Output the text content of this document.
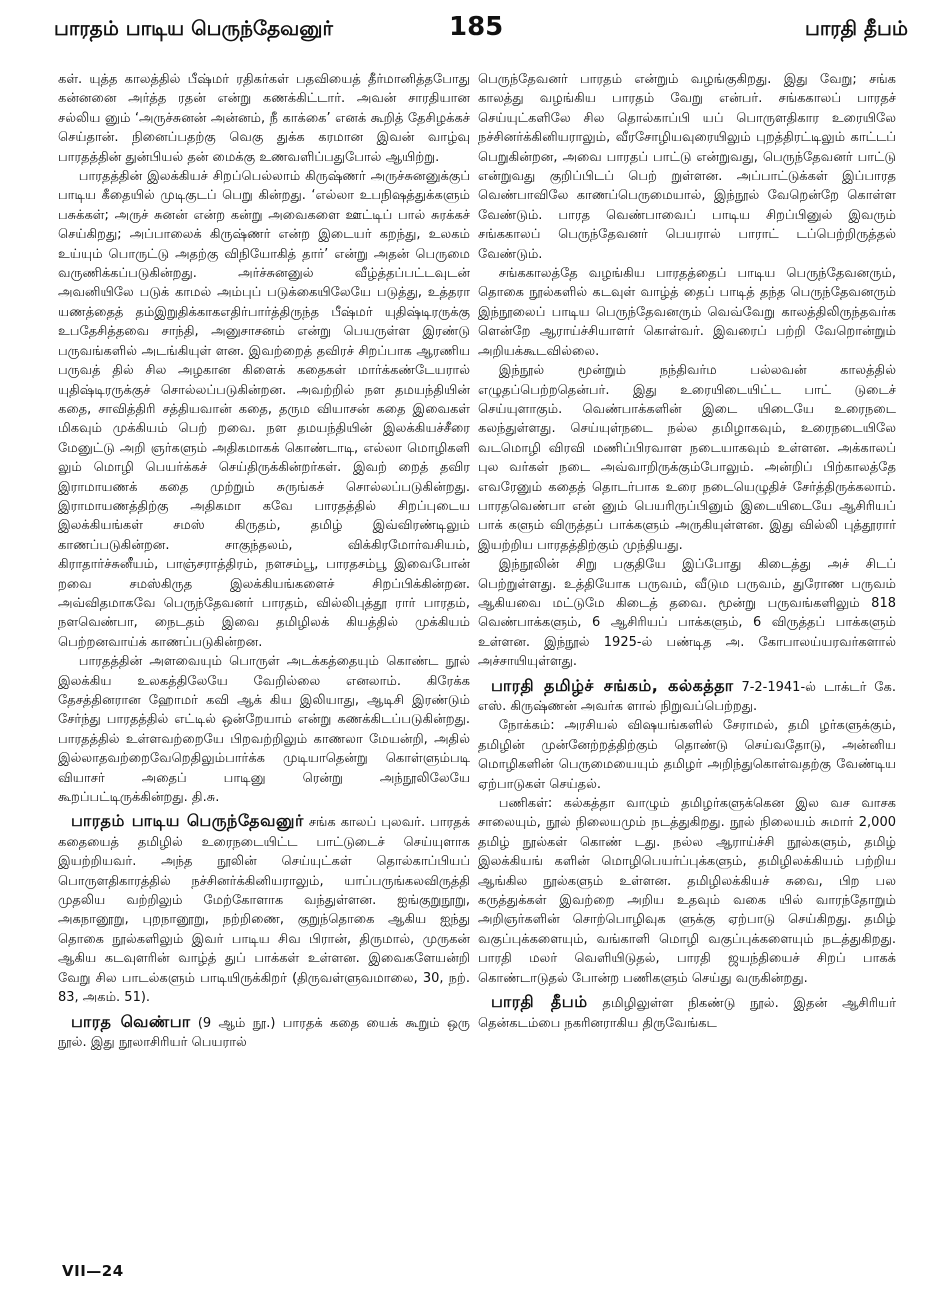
பாரதம் பாடிய பெருந்தேவனுர்	185	பாரதி தீபம்

கள். யுத்த காலத்தில் பீஷ்மர் ரதிகர்கள் பதவியைத் தீர்மானித்தபோது கன்னனை அர்த்த ரதன் என்று கணக்கிட்டார். அவன் சாரதியான சல்லிய னும் ‘அருச்சுனன் அன்னம், நீ காக்கை’ எனக் கூறித் தேசிழக்கச் செய்தான். நினைப்பதற்கு வெகு துக்க கரமான இவன் வாழ்வு பாரதத்தின் துன்பியல் தன் மைக்கு உணவளிப்பதுபோல் ஆயிற்று.

பாரதத்தின் இலக்கியச் சிறப்பெல்லாம் கிருஷ்ணர் அருச்சுனனுக்குப் பாடிய கீதையில் முடிகுடப் பெறு கின்றது. ‘எல்லா உபநிஷத்துக்களும் பசுக்கள்; அருச் சுனன் என்ற கன்று அவைகளை ஊட்டிப் பால் சுரக்கச் செய்கிறது; அப்பாலைக் கிருஷ்ணர் என்ற இடையர் கறந்து, உலகம் உய்யும் பொருட்டு அதற்கு விநியோகித் தார்’ என்று அதன் பெருமை வருணிக்கப்படுகின்றது. அர்ச்சுனனுல் வீழ்த்தப்பட்டவுடன் அவனியிலே படுக் காமல் அம்புப் படுக்கையிலேயே படுத்து, உத்தரா யணத்தைத் தம்இறுதிக்காகஎதிர்பார்த்திருந்த பீஷ்மர் யுதிஷ்டிரருக்கு உபதேசித்தவை சாந்தி, அனுசாசனம் என்று பெயருள்ள இரண்டு பருவங்களில் அடங்கியுள் ளன. இவற்றைத் தவிரச் சிறப்பாக ஆரணிய பருவத் தில் சில அழகான கிளைக் கதைகள் மார்க்கண்டேயரால் யுதிஷ்டிரருக்குச் சொல்லப்படுகின்றன. அவற்றில் நள தமயந்தியின் கதை, சாவித்திரி சத்தியவான் கதை, தரும வியாசன் கதை இவைகள் மிகவும் முக்கியம் பெற் றவை. நள தமயந்தியின் இலக்கியச்சீரை மேனுட்டு அறி ஞர்களும் அதிகமாகக் கொண்டாடி, எல்லா மொழிகளி லும் மொழி பெயர்க்கச் செய்திருக்கின்றர்கள். இவற் றைத் தவிர இராமாயணக் கதை முற்றும் சுருங்கச் சொல்லப்படுகின்றது. இராமாயணத்திற்கு அதிகமா கவே பாரதத்தில் சிறப்புடைய இலக்கியங்கள் சமஸ் கிருதம், தமிழ் இவ்விரண்டிலும் காணப்படுகின்றன. சாகுந்தலம், விக்கிரமோர்வசியம், கிராதார்ச்சுனீயம், பாஞ்சராத்திரம், நளசம்பூ, பாரதசம்பூ இவைபோன் றவை சமஸ்கிருத இலக்கியங்களைச் சிறப்பிக்கின்றன. அவ்விதமாகவே பெருந்தேவனர் பாரதம், வில்லிபுத்தூ ரார் பாரதம், நளவெண்பா, நைடதம் இவை தமிழிலக் கியத்தில் முக்கியம் பெற்றனவாய்க் காணப்படுகின்றன.

பாரதத்தின் அளவையும் பொருள் அடக்கத்தையும் கொண்ட நூல் இலக்கிய உலகத்திலேயே வேறில்லை எனலாம். கிரேக்க தேசத்தினரான ஹோமர் கவி ஆக் கிய இலியாது, ஆடிசி இரண்டும் சேர்ந்து பாரதத்தில் எட்டில் ஒன்றேயாம் என்று கணக்கிடப்படுகின்றது. பாரதத்தில் உள்ளவற்றையே பிறவற்றிலும் காணலா மேயன்றி, அதில் இல்லாதவற்றைவேறெதிலும்பார்க்க முடியாதென்று கொள்ளும்படி வியாசர் அதைப் பாடினு ரென்று அந்நூலிலேயே கூறப்பட்டிருக்கின்றது. தி.சு.

பாரதம் பாடிய பெருந்தேவனுர் சங்க காலப் புலவர். பாரதக் கதையைத் தமிழில் உரைநடையிட்ட பாட்டுடைச் செய்யுளாக இயற்றியவர். அந்த நூலின் செய்யுட்கள் தொல்காப்பியப் பொருளதிகாரத்தில் நச்சினர்க்கினியராலும், யாப்பருங்கலவிருத்தி முதலிய வற்றிலும் மேற்கோளாக வந்துள்ளன. ஐங்குறுநூறு, அகநானூறு, புறநானூறு, நற்றிணை, குறுந்தொகை ஆகிய ஐந்து தொகை நூல்களிலும் இவர் பாடிய சிவ பிரான், திருமால், முருகன் ஆகிய கடவுளரின் வாழ்த் துப் பாக்கள் உள்ளன. இவைகளேயன்றி வேறு சில பாடல்களும் பாடியிருக்கிறர் (திருவள்ளுவமாலை, 30, நற். 83, அகம். 51).

பாரத வெண்பா (9 ஆம் நூ.) பாரதக் கதை யைக் கூறும் ஒரு நூல். இது நூலாசிரியர் பெயரால்

பெருந்தேவனர் பாரதம் என்றும் வழங்குகிறது. இது வேறு; சங்க காலத்து வழங்கிய பாரதம் வேறு என்பர். சங்ககாலப் பாரதச் செய்யுட்களிலே சில தொல்காப்பி யப் பொருளதிகார உரையிலே நச்சினர்க்கினியராலும், வீரசோழியவுரையிலும் புறத்திரட்டிலும் காட்டப் பெறுகின்றன, அவை பாரதப் பாட்டு என்றுவது, பெருந்தேவனர் பாட்டு என்றுவது குறிப்பிடப் பெற் றுள்ளன. அப்பாட்டுக்கள் இப்பாரத வெண்பாவிலே காணப்பெருமையால், இந்நூல் வேறென்றே கொள்ள வேண்டும். பாரத வெண்பாவைப் பாடிய சிறப்பினுல் இவரும் சங்ககாலப் பெருந்தேவனர் பெயரால் பாராட் டப்பெற்றிருத்தல் வேண்டும்.

சங்ககாலத்தே வழங்கிய பாரதத்தைப் பாடிய பெருந்தேவனரும், தொகை நூல்களில் கடவுள் வாழ்த் தைப் பாடித் தந்த பெருந்தேவனரும் இந்நூலைப் பாடிய பெருந்தேவனரும் வெவ்வேறு காலத்திலிருந்தவர்க ளென்றே ஆராய்ச்சியாளர் கொள்வர். இவரைப் பற்றி வேறொன்றும் அறியக்கூடவில்லை.

இந்நூல் மூன்றும் நந்திவர்ம பல்லவன் காலத்தில் எழுதப்பெற்றதென்பர். இது உரையிடையிட்ட பாட் டுடைச் செய்யுளாகும். வெண்பாக்களின் இடை யிடையே உரைநடை கலந்துள்ளது. செய்யுள்நடை நல்ல தமிழாகவும், உரைநடையிலே வடமொழி விரவி மணிப்பிரவாள நடையாகவும் உள்ளன. அக்காலப் புல வர்கள் நடை அவ்வாறிருக்கும்போலும். அன்றிப் பிற்காலத்தே எவரேனும் கதைத் தொடர்பாக உரை நடையெழுதிச் சேர்த்திருக்கலாம். பாரதவெண்பா என் னும் பெயரிருப்பினும் இடையிடையே ஆசிரியப் பாக் களும் விருத்தப் பாக்களும் அருகியுள்ளன. இது வில்லி புத்தூரார் இயற்றிய பாரதத்திற்கும் முந்தியது.

இந்நூலின் சிறு பகுதியே இப்போது கிடைத்து அச் சிடப் பெற்றுள்ளது. உத்தியோக பருவம், வீடும பருவம், துரோண பருவம் ஆகியவை மட்டுமே கிடைத் தவை. மூன்று பருவங்களிலும் 818 வெண்பாக்களும், 6 ஆசிரியப் பாக்களும், 6 விருத்தப் பாக்களும் உள்ளன. இந்நூல் 1925-ல் பண்டித அ. கோபாலய்யரவர்களால் அச்சாயியுள்ளது.

பாரதி தமிழ்ச் சங்கம், கல்கத்தா 7-2-1941-ல் டாக்டர் கே. எஸ். கிருஷ்ணன் அவர்க ளால் நிறுவப்பெற்றது.

நோக்கம்: அரசியல் விஷயங்களில் சேராமல், தமி ழர்களுக்கும், தமிழின் முன்னேற்றத்திற்கும் தொண்டு செய்வதோடு, அன்னிய மொழிகளின் பெருமையையும் தமிழர் அறிந்துகொள்வதற்கு வேண்டிய ஏற்பாடுகள் செய்தல்.

பணிகள்: கல்கத்தா வாழும் தமிழர்களுக்கென இல வச வாசக சாலையும், நூல் நிலையமும் நடத்துகிறது. நூல் நிலையம் சுமார் 2,000 தமிழ் நூல்கள் கொண் டது. நல்ல ஆராய்ச்சி நூல்களும், தமிழ் இலக்கியங் களின் மொழிபெயர்ப்புக்களும், தமிழிலக்கியம் பற்றிய ஆங்கில நூல்களும் உள்ளன. தமிழிலக்கியச் சுவை, பிற பல கருத்துக்கள் இவற்றை அறிய உதவும் வகை யில் வாரந்தோறும் அறிஞர்களின் சொற்பொழிவுக ளுக்கு ஏற்பாடு செய்கிறது. தமிழ் வகுப்புக்களையும், வங்காளி மொழி வகுப்புக்களையும் நடத்துகிறது. பாரதி மலர் வெளியிடுதல், பாரதி ஜயந்தியைச் சிறப் பாகக் கொண்டாடுதல் போன்ற பணிகளும் செய்து வருகின்றது.

பாரதி தீபம் தமிழிலுள்ள நிகண்டு நூல். இதன் ஆசிரியர் தென்கடம்பை நகரினராகிய திருவேங்கட

VII—24
